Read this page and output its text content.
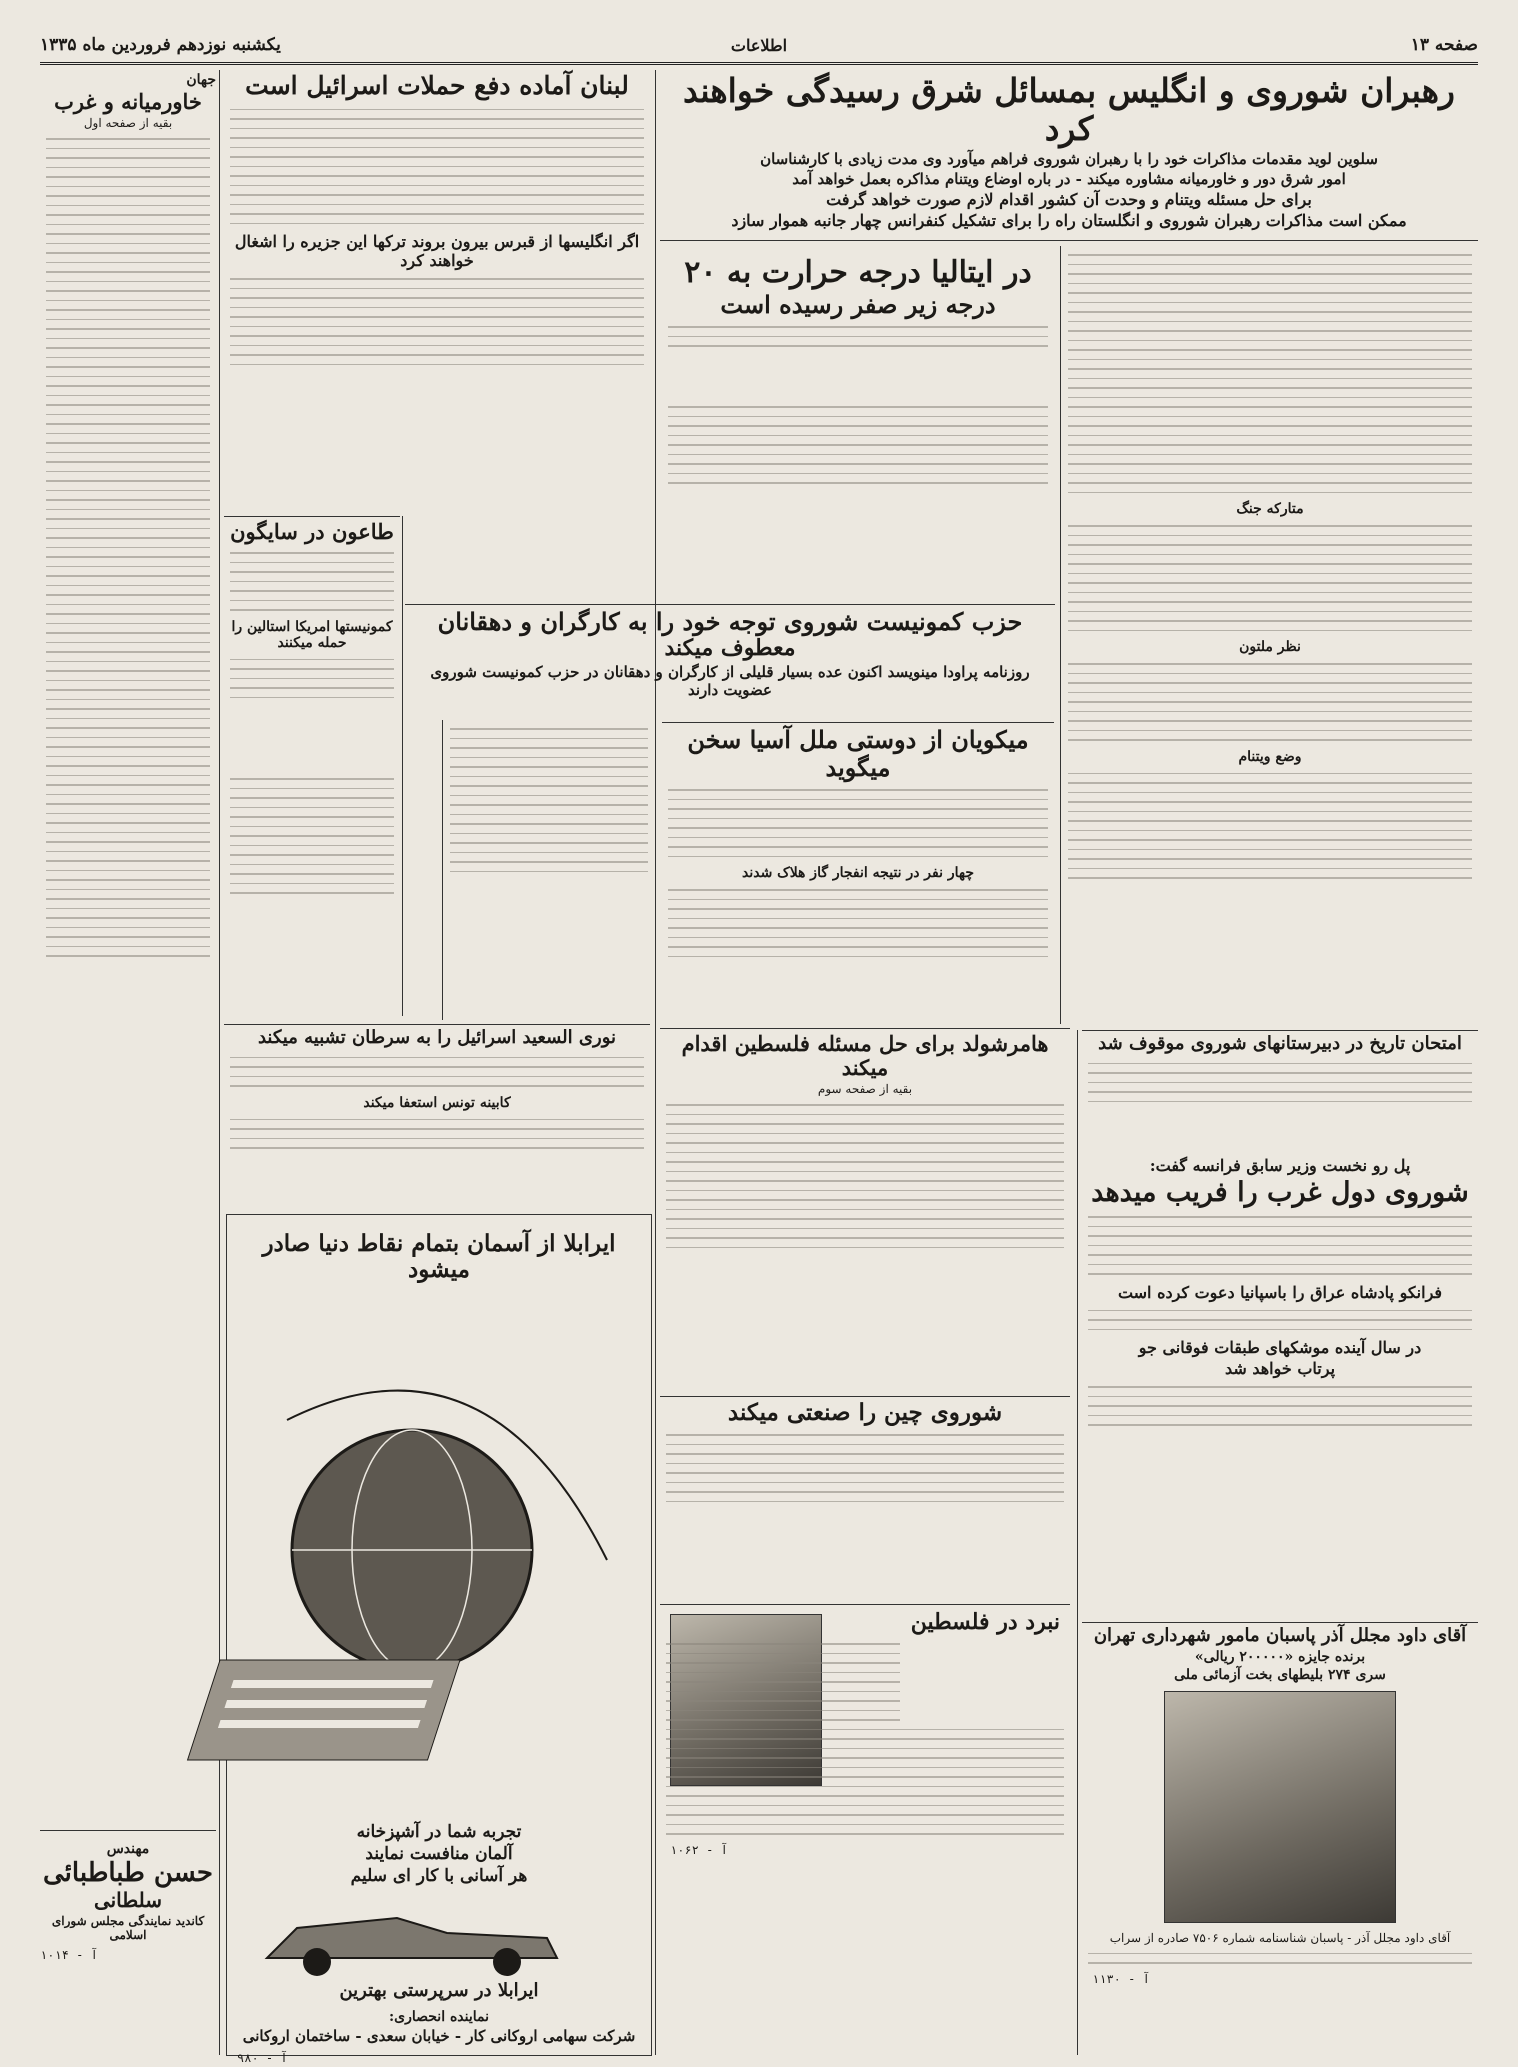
صفحه ۱۳
اطلاعات
یکشنبه نوزدهم فروردین ماه ۱۳۳۵
رهبران شوروی و انگلیس بمسائل شرق رسیدگی خواهند کرد
سلوین لوید مقدمات مذاکرات خود را با رهبران شوروی فراهم میآورد وی مدت زیادی با کارشناسان
امور شرق دور و خاورمیانه مشاوره میکند - در باره اوضاع ویتنام مذاکره بعمل خواهد آمد
برای حل مسئله ویتنام و وحدت آن کشور اقدام لازم صورت خواهد گرفت
ممکن است مذاکرات رهبران شوروی و انگلستان راه را برای تشکیل کنفرانس چهار جانبه هموار سازد
متارکه جنگ
نظر ملتون
وضع ویتنام
در ایتالیا درجه حرارت به ۲۰
درجه زیر صفر رسیده است
حزب کمونیست شوروی توجه خود را به کارگران و دهقانان
معطوف میکند
روزنامه پراودا مینویسد اکنون عده بسیار قلیلی از کارگران و دهقانان در حزب کمونیست شوروی عضویت دارند
میکویان از دوستی ملل آسیا سخن میگوید
چهار نفر در نتیجه انفجار گاز هلاک شدند
لبنان آماده دفع حملات اسرائیل است
اگر انگلیسها از قبرس بیرون بروند ترکها این جزیره را اشغال خواهند کرد
طاعون در سایگون
کمونیستها امریکا استالین را حمله میکنند
نوری السعید اسرائیل را به سرطان تشبیه میکند
کابینه تونس استعفا میکند
ایرابلا از آسمان بتمام نقاط دنیا صادر میشود
تجربه شما در آشپزخانه
آلمان منافست نمایند
هر آسانی با کار ای سلیم
ایرابلا در سرپرستی بهترین
نماینده انحصاری:
شرکت سهامی اروکانی کار - خیابان سعدی - ساختمان اروکانی
آ - ۹۸۰
هامرشولد برای حل مسئله فلسطین اقدام میکند
بقیه از صفحه سوم
شوروی چین را صنعتی میکند
نبرد در فلسطین
آ - ۱۰۶۲
امتحان تاریخ در دبیرستانهای شوروی موقوف شد
پل رو نخست وزیر سابق فرانسه گفت:
شوروی دول غرب را فریب میدهد
فرانکو پادشاه عراق را باسپانیا دعوت کرده است
در سال آینده موشکهای طبقات فوقانی جو
پرتاب خواهد شد
آقای داود مجلل آذر پاسبان مامور شهرداری تهران
برنده جایزه «۲۰۰۰۰۰ ریالی»
سری ۲۷۴ بلیطهای بخت آزمائی ملی
آقای داود مجلل آذر - پاسبان شناسنامه شماره ۷۵۰۶ صادره از سراب
آ - ۱۱۳۰
جهان
خاورمیانه و غرب
بقیه از صفحه اول
مهندس
حسن طباطبائی
سلطانی
کاندید نمایندگی مجلس شورای اسلامی
آ - ۱۰۱۴
